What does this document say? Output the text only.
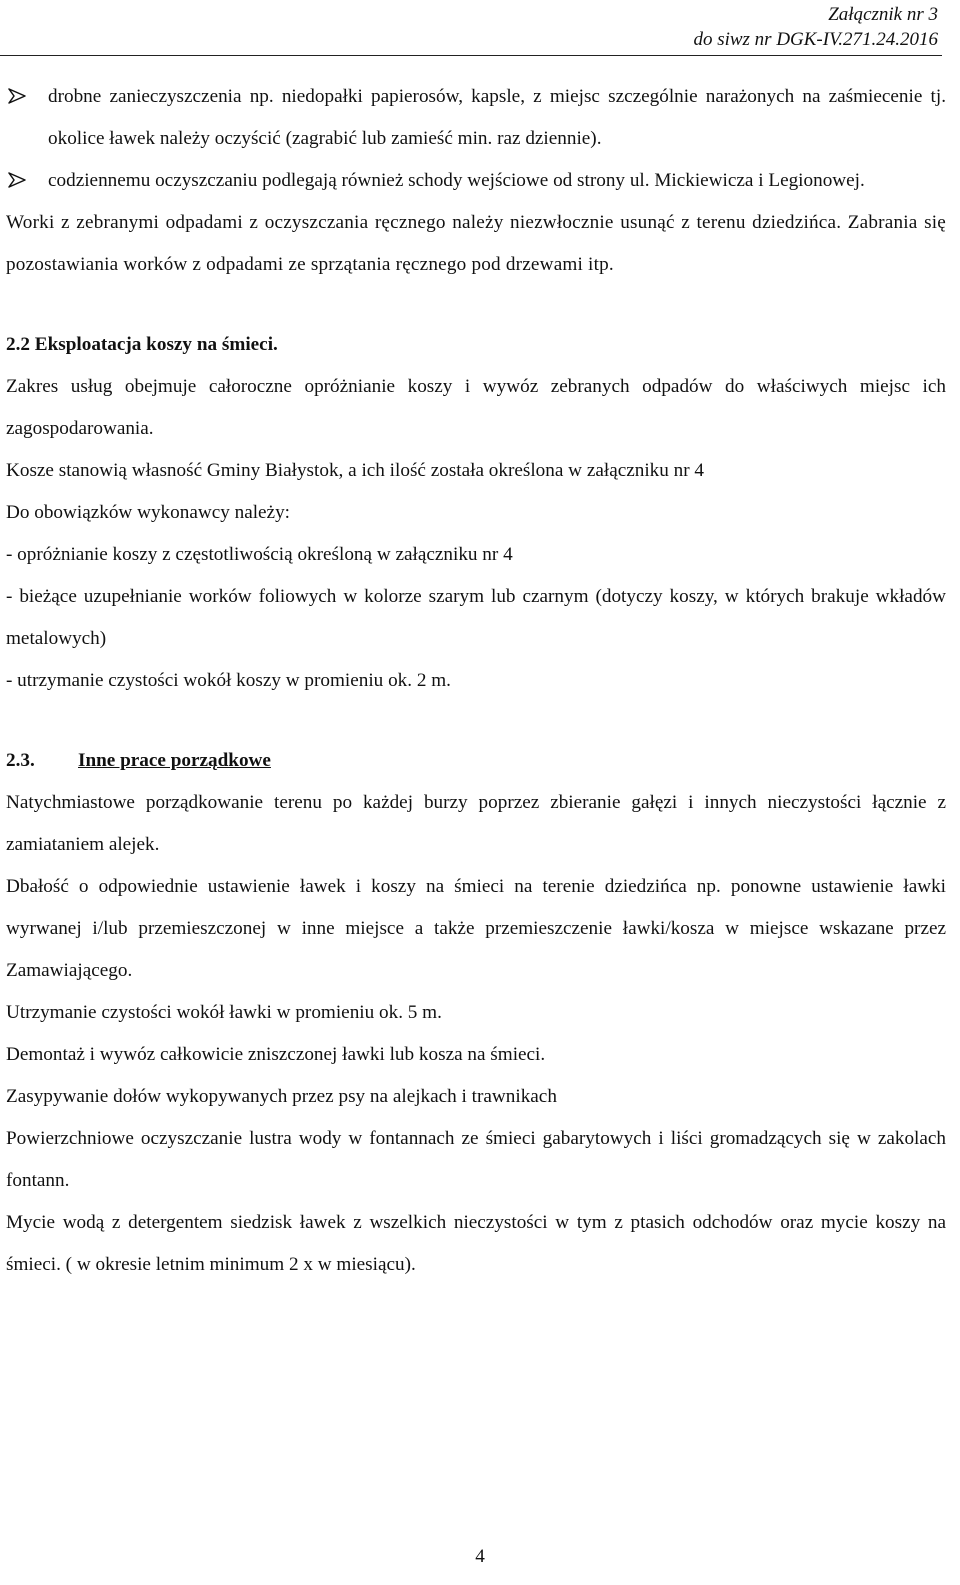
Załącznik nr 3
do siwz nr DGK-IV.271.24.2016
drobne zanieczyszczenia np. niedopałki papierosów, kapsle, z miejsc szczególnie narażonych na zaśmiecenie tj. okolice ławek należy oczyścić (zagrabić lub zamieść min. raz dziennie).
codziennemu oczyszczaniu podlegają również schody wejściowe od strony ul. Mickiewicza i Legionowej.

Worki z zebranymi odpadami z oczyszczania ręcznego należy niezwłocznie usunąć z terenu dziedzińca. Zabrania się pozostawiania worków z odpadami ze sprzątania ręcznego pod drzewami itp.

2.2 Eksploatacja koszy na śmieci.

Zakres usług obejmuje całoroczne opróżnianie koszy i wywóz zebranych odpadów do właściwych miejsc ich zagospodarowania.

Kosze stanowią własność Gminy Białystok, a ich ilość została określona w załączniku nr 4

Do obowiązków wykonawcy należy:

- opróżnianie koszy z częstotliwością określoną w załączniku nr 4

- bieżące uzupełnianie worków foliowych w kolorze szarym lub czarnym (dotyczy koszy, w których brakuje wkładów metalowych)

- utrzymanie czystości wokół koszy w promieniu ok. 2 m.

2.3. Inne prace porządkowe

Natychmiastowe porządkowanie terenu po każdej burzy poprzez zbieranie gałęzi i innych nieczystości łącznie z zamiataniem alejek.

Dbałość o odpowiednie ustawienie ławek i koszy na śmieci na terenie dziedzińca np. ponowne ustawienie ławki wyrwanej i/lub przemieszczonej w inne miejsce a także przemieszczenie ławki/kosza w miejsce wskazane przez Zamawiającego.

Utrzymanie czystości wokół ławki w promieniu ok. 5 m.

Demontaż i wywóz całkowicie zniszczonej ławki lub kosza na śmieci.

Zasypywanie dołów wykopywanych przez psy na alejkach i trawnikach

Powierzchniowe oczyszczanie lustra wody w fontannach ze śmieci gabarytowych i liści gromadzących się w zakolach fontann.

Mycie wodą z detergentem siedzisk ławek z wszelkich nieczystości w tym z ptasich odchodów oraz mycie koszy na śmieci. ( w okresie letnim minimum 2 x w miesiącu).

4
